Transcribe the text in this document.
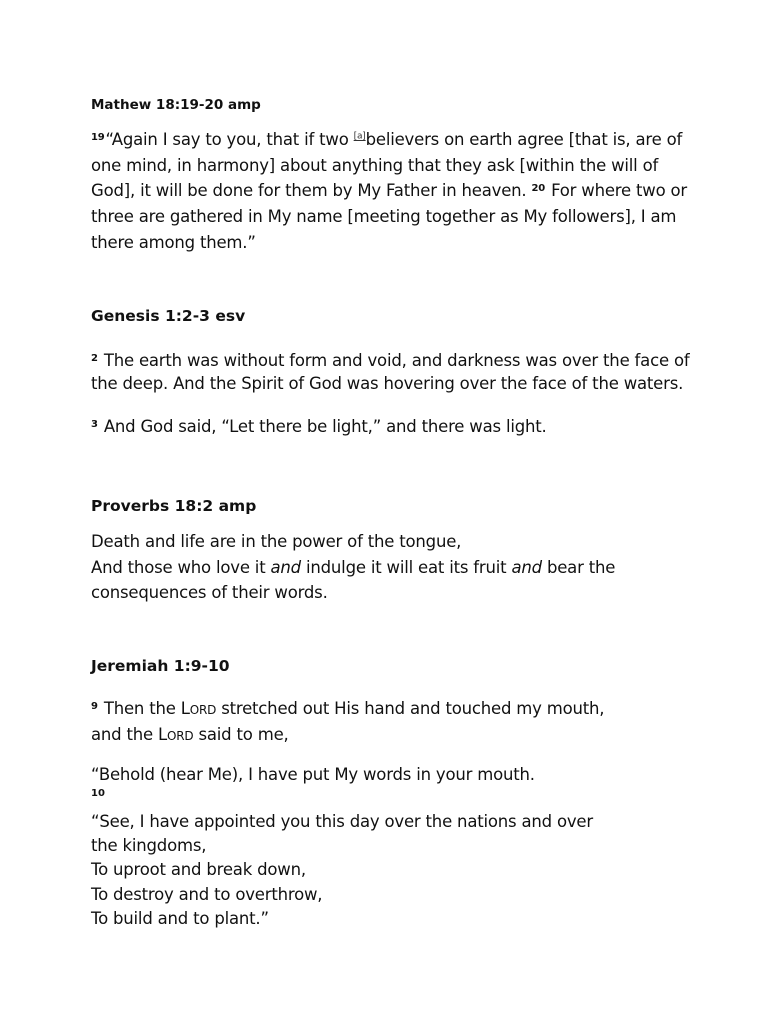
Mathew 18:19-20 amp

$^{19}$“Again I say to you, that if two [a]believers on earth agree [that is, are of one mind, in harmony] about anything that they ask [within the will of God], it will be done for them by My Father in heaven. $^{20}$ For where two or three are gathered in My name [meeting together as My followers], I am there among them.”

Genesis 1:2-3 esv

$^2$ The earth was without form and void, and darkness was over the face of the deep. And the Spirit of God was hovering over the face of the waters.

$^3$ And God said, “Let there be light,” and there was light.

Proverbs 18:2 amp

Death and life are in the power of the tongue,
And those who love it and indulge it will eat its fruit and bear the consequences of their words.

Jeremiah 1:9-10

$^9$ Then the Lord stretched out His hand and touched my mouth, and the Lord said to me,

“Behold (hear Me), I have put My words in your mouth.

10

“See, I have appointed you this day over the nations and over the kingdoms,
To uproot and break down,
To destroy and to overthrow,
To build and to plant.”
